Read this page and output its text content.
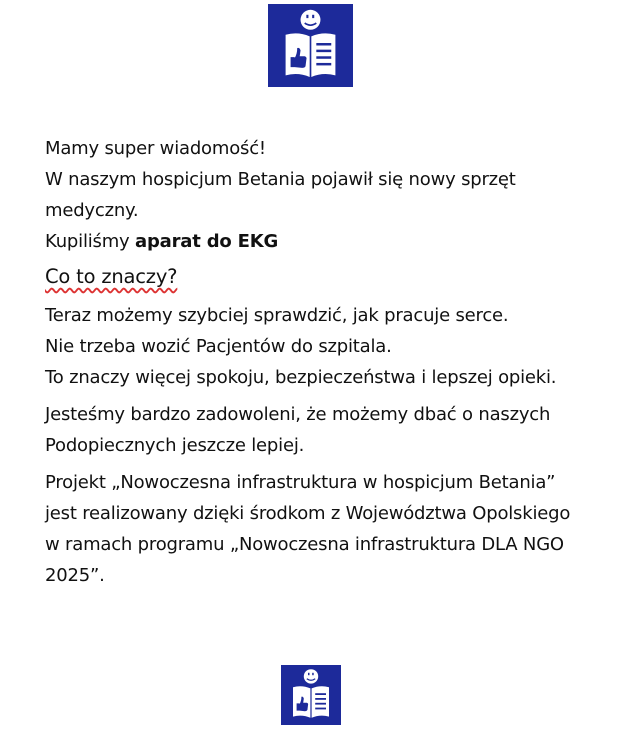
Mamy super wiadomość!

W naszym hospicjum Betania pojawił się nowy sprzęt medyczny.

Kupiliśmy aparat do EKG

Co to znaczy?

Teraz możemy szybciej sprawdzić, jak pracuje serce.

Nie trzeba wozić Pacjentów do szpitala.

To znaczy więcej spokoju, bezpieczeństwa i lepszej opieki.

Jesteśmy bardzo zadowoleni, że możemy dbać o naszych Podopiecznych jeszcze lepiej.

Projekt „Nowoczesna infrastruktura w hospicjum Betania” jest realizowany dzięki środkom z Województwa Opolskiego w ramach programu „Nowoczesna infrastruktura DLA NGO 2025”.
